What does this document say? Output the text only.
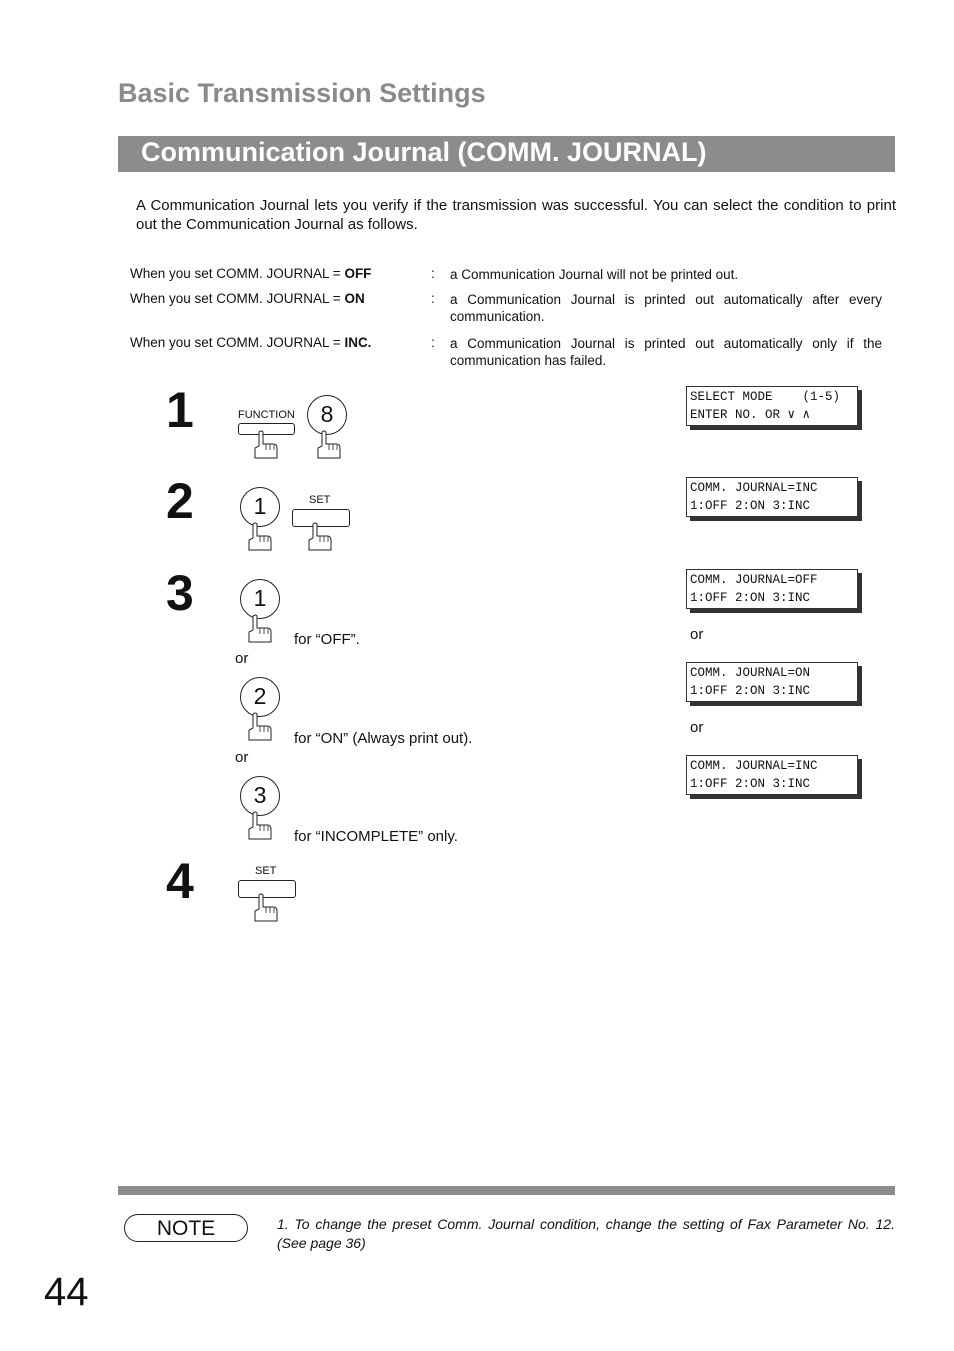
Basic Transmission Settings
Communication Journal (COMM. JOURNAL)
A Communication Journal lets you verify if the transmission was successful. You can select the condition to print out the Communication Journal as follows.
When you set COMM. JOURNAL = OFF	: a Communication Journal will not be printed out.
When you set COMM. JOURNAL = ON	: a Communication Journal is printed out automatically after every communication.
When you set COMM. JOURNAL = INC.	: a Communication Journal is printed out automatically only if the communication has failed.
1	FUNCTION	8
SELECT MODE    (1-5)
ENTER NO. OR ∨ ∧
2	1	SET
COMM. JOURNAL=INC
1:OFF 2:ON 3:INC
3	1
for “OFF”.
or
2
for “ON” (Always print out).
or
3
for “INCOMPLETE” only.
COMM. JOURNAL=OFF
1:OFF 2:ON 3:INC
or
COMM. JOURNAL=ON
1:OFF 2:ON 3:INC
or
COMM. JOURNAL=INC
1:OFF 2:ON 3:INC
4	SET
NOTE	1. To change the preset Comm. Journal condition, change the setting of Fax Parameter No. 12. (See page 36)
44
